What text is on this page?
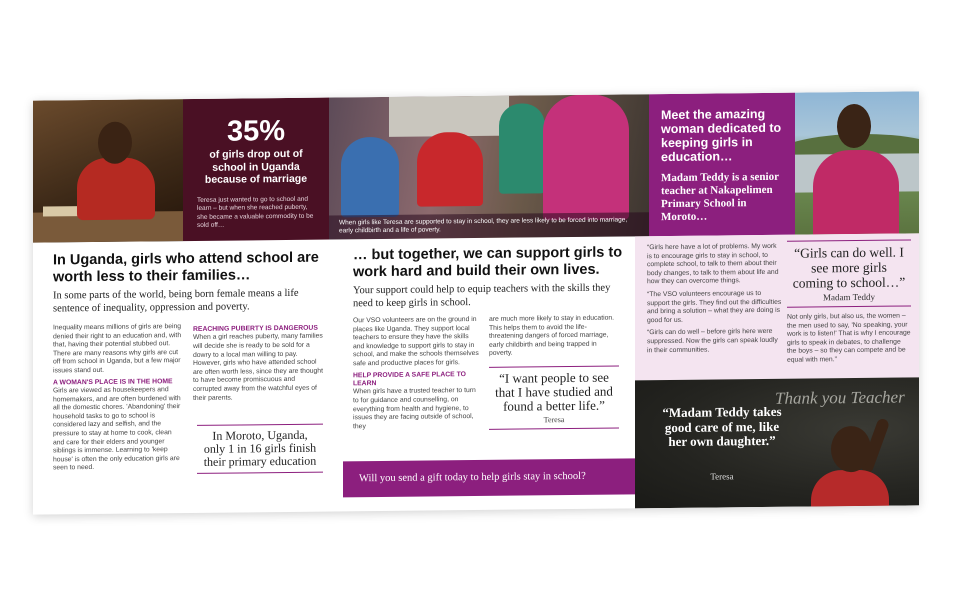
35%
of girls drop out of school in Uganda because of marriage
Teresa just wanted to go to school and learn – but when she reached puberty, she became a valuable commodity to be sold off…	When girls like Teresa are supported to stay in school, they are less likely to be forced into marriage, early childbirth and a life of poverty.
Meet the amazing woman dedicated to keeping girls in education…
Madam Teddy is a senior teacher at Nakapelimen Primary School in Moroto…
In Uganda, girls who attend school are worth less to their families…
In some parts of the world, being born female means a life sentence of inequality, oppression and poverty.
Inequality means millions of girls are being denied their right to an education and, with that, having their potential stubbed out. There are many reasons why girls are cut off from school in Uganda, but a few major issues stand out.
A WOMAN'S PLACE IS IN THE HOME
Girls are viewed as housekeepers and homemakers, and are often burdened with all the domestic chores. 'Abandoning' their household tasks to go to school is considered lazy and selfish, and the pressure to stay at home to cook, clean and care for their elders and younger siblings is immense. Learning to 'keep house' is often the only education girls are seen to need.
REACHING PUBERTY IS DANGEROUS
When a girl reaches puberty, many families will decide she is ready to be sold for a dowry to a local man willing to pay. However, girls who have attended school are often worth less, since they are thought to have become promiscuous and corrupted away from the watchful eyes of their parents.
In Moroto, Uganda, only 1 in 16 girls finish their primary education
… but together, we can support girls to work hard and build their own lives.
Your support could help to equip teachers with the skills they need to keep girls in school.
Our VSO volunteers are on the ground in places like Uganda. They support local teachers to ensure they have the skills and knowledge to support girls to stay in school, and make the schools themselves safe and productive places for girls.
HELP PROVIDE A SAFE PLACE TO LEARN
When girls have a trusted teacher to turn to for guidance and counselling, on everything from health and hygiene, to issues they are facing outside of school, they
are much more likely to stay in education. This helps them to avoid the life-threatening dangers of forced marriage, early childbirth and being trapped in poverty.
“I want people to see that I have studied and found a better life.”
Teresa
Will you send a gift today to help girls stay in school?

“Girls here have a lot of problems. My work is to encourage girls to stay in school, to complete school, to talk to them about their body changes, to talk to them about life and how they can overcome things.

“The VSO volunteers encourage us to support the girls. They find out the difficulties and bring a solution – what they are doing is good for us.

“Girls can do well – before girls here were suppressed. Now the girls can speak loudly in their communities.

“Girls can do well. I see more girls coming to school…”
Madam Teddy
Not only girls, but also us, the women – the men used to say, 'No speaking, your work is to listen!' That is why I encourage girls to speak in debates, to challenge the boys – so they can compete and be equal with men.”
Thank you Teacher
“Madam Teddy takes good care of me, like her own daughter.”
Teresa
